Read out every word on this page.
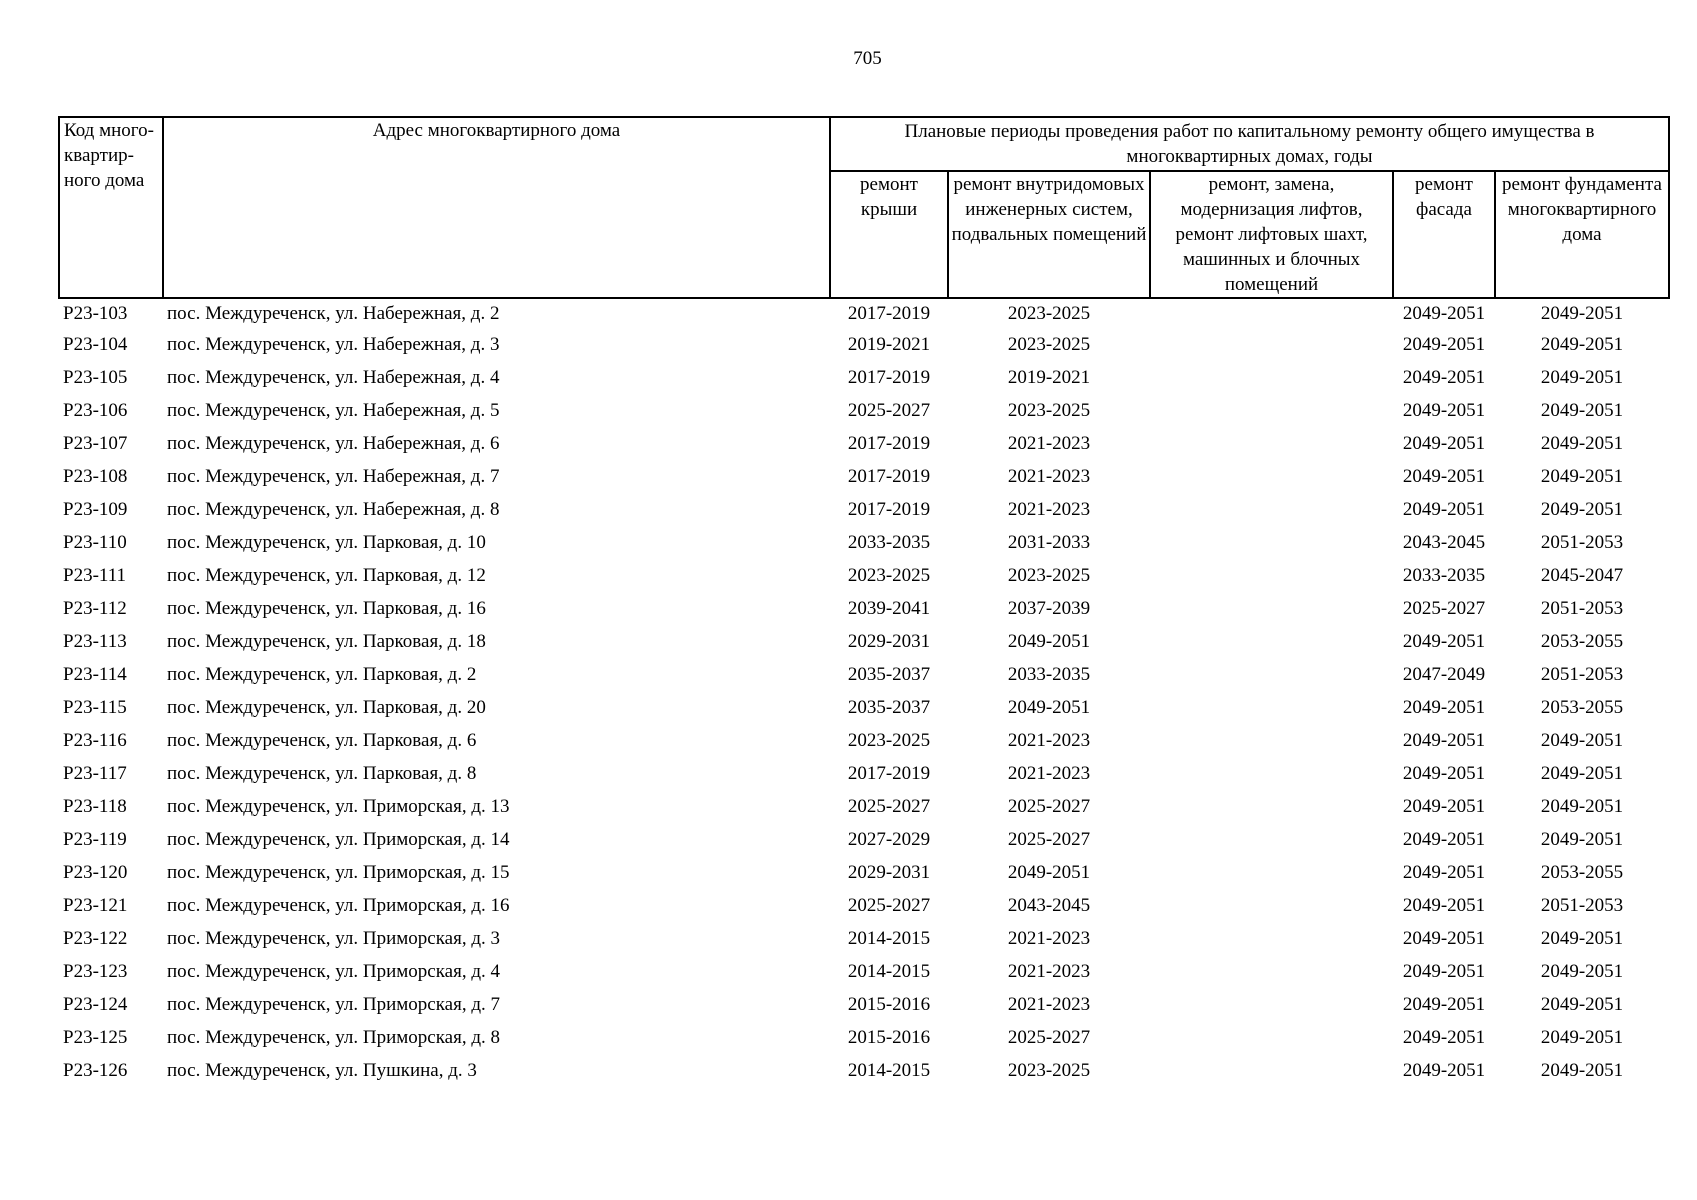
705
Код много-квартир-ного дома	Адрес многоквартирного дома	Плановые периоды проведения работ по капитальному ремонту общего имущества в многоквартирных домах, годы				
		ремонт крыши	ремонт внутридомовых инженерных систем, подвальных помещений	ремонт, замена, модернизация лифтов, ремонт лифтовых шахт, машинных и блочных помещений	ремонт фасада	ремонт фундамента многоквартирного дома
Р23-103	пос. Междуреченск, ул. Набережная, д. 2	2017-2019	2023-2025		2049-2051	2049-2051
Р23-104	пос. Междуреченск, ул. Набережная, д. 3	2019-2021	2023-2025		2049-2051	2049-2051
Р23-105	пос. Междуреченск, ул. Набережная, д. 4	2017-2019	2019-2021		2049-2051	2049-2051
Р23-106	пос. Междуреченск, ул. Набережная, д. 5	2025-2027	2023-2025		2049-2051	2049-2051
Р23-107	пос. Междуреченск, ул. Набережная, д. 6	2017-2019	2021-2023		2049-2051	2049-2051
Р23-108	пос. Междуреченск, ул. Набережная, д. 7	2017-2019	2021-2023		2049-2051	2049-2051
Р23-109	пос. Междуреченск, ул. Набережная, д. 8	2017-2019	2021-2023		2049-2051	2049-2051
Р23-110	пос. Междуреченск, ул. Парковая, д. 10	2033-2035	2031-2033		2043-2045	2051-2053
Р23-111	пос. Междуреченск, ул. Парковая, д. 12	2023-2025	2023-2025		2033-2035	2045-2047
Р23-112	пос. Междуреченск, ул. Парковая, д. 16	2039-2041	2037-2039		2025-2027	2051-2053
Р23-113	пос. Междуреченск, ул. Парковая, д. 18	2029-2031	2049-2051		2049-2051	2053-2055
Р23-114	пос. Междуреченск, ул. Парковая, д. 2	2035-2037	2033-2035		2047-2049	2051-2053
Р23-115	пос. Междуреченск, ул. Парковая, д. 20	2035-2037	2049-2051		2049-2051	2053-2055
Р23-116	пос. Междуреченск, ул. Парковая, д. 6	2023-2025	2021-2023		2049-2051	2049-2051
Р23-117	пос. Междуреченск, ул. Парковая, д. 8	2017-2019	2021-2023		2049-2051	2049-2051
Р23-118	пос. Междуреченск, ул. Приморская, д. 13	2025-2027	2025-2027		2049-2051	2049-2051
Р23-119	пос. Междуреченск, ул. Приморская, д. 14	2027-2029	2025-2027		2049-2051	2049-2051
Р23-120	пос. Междуреченск, ул. Приморская, д. 15	2029-2031	2049-2051		2049-2051	2053-2055
Р23-121	пос. Междуреченск, ул. Приморская, д. 16	2025-2027	2043-2045		2049-2051	2051-2053
Р23-122	пос. Междуреченск, ул. Приморская, д. 3	2014-2015	2021-2023		2049-2051	2049-2051
Р23-123	пос. Междуреченск, ул. Приморская, д. 4	2014-2015	2021-2023		2049-2051	2049-2051
Р23-124	пос. Междуреченск, ул. Приморская, д. 7	2015-2016	2021-2023		2049-2051	2049-2051
Р23-125	пос. Междуреченск, ул. Приморская, д. 8	2015-2016	2025-2027		2049-2051	2049-2051
Р23-126	пос. Междуреченск, ул. Пушкина, д. 3	2014-2015	2023-2025		2049-2051	2049-2051
